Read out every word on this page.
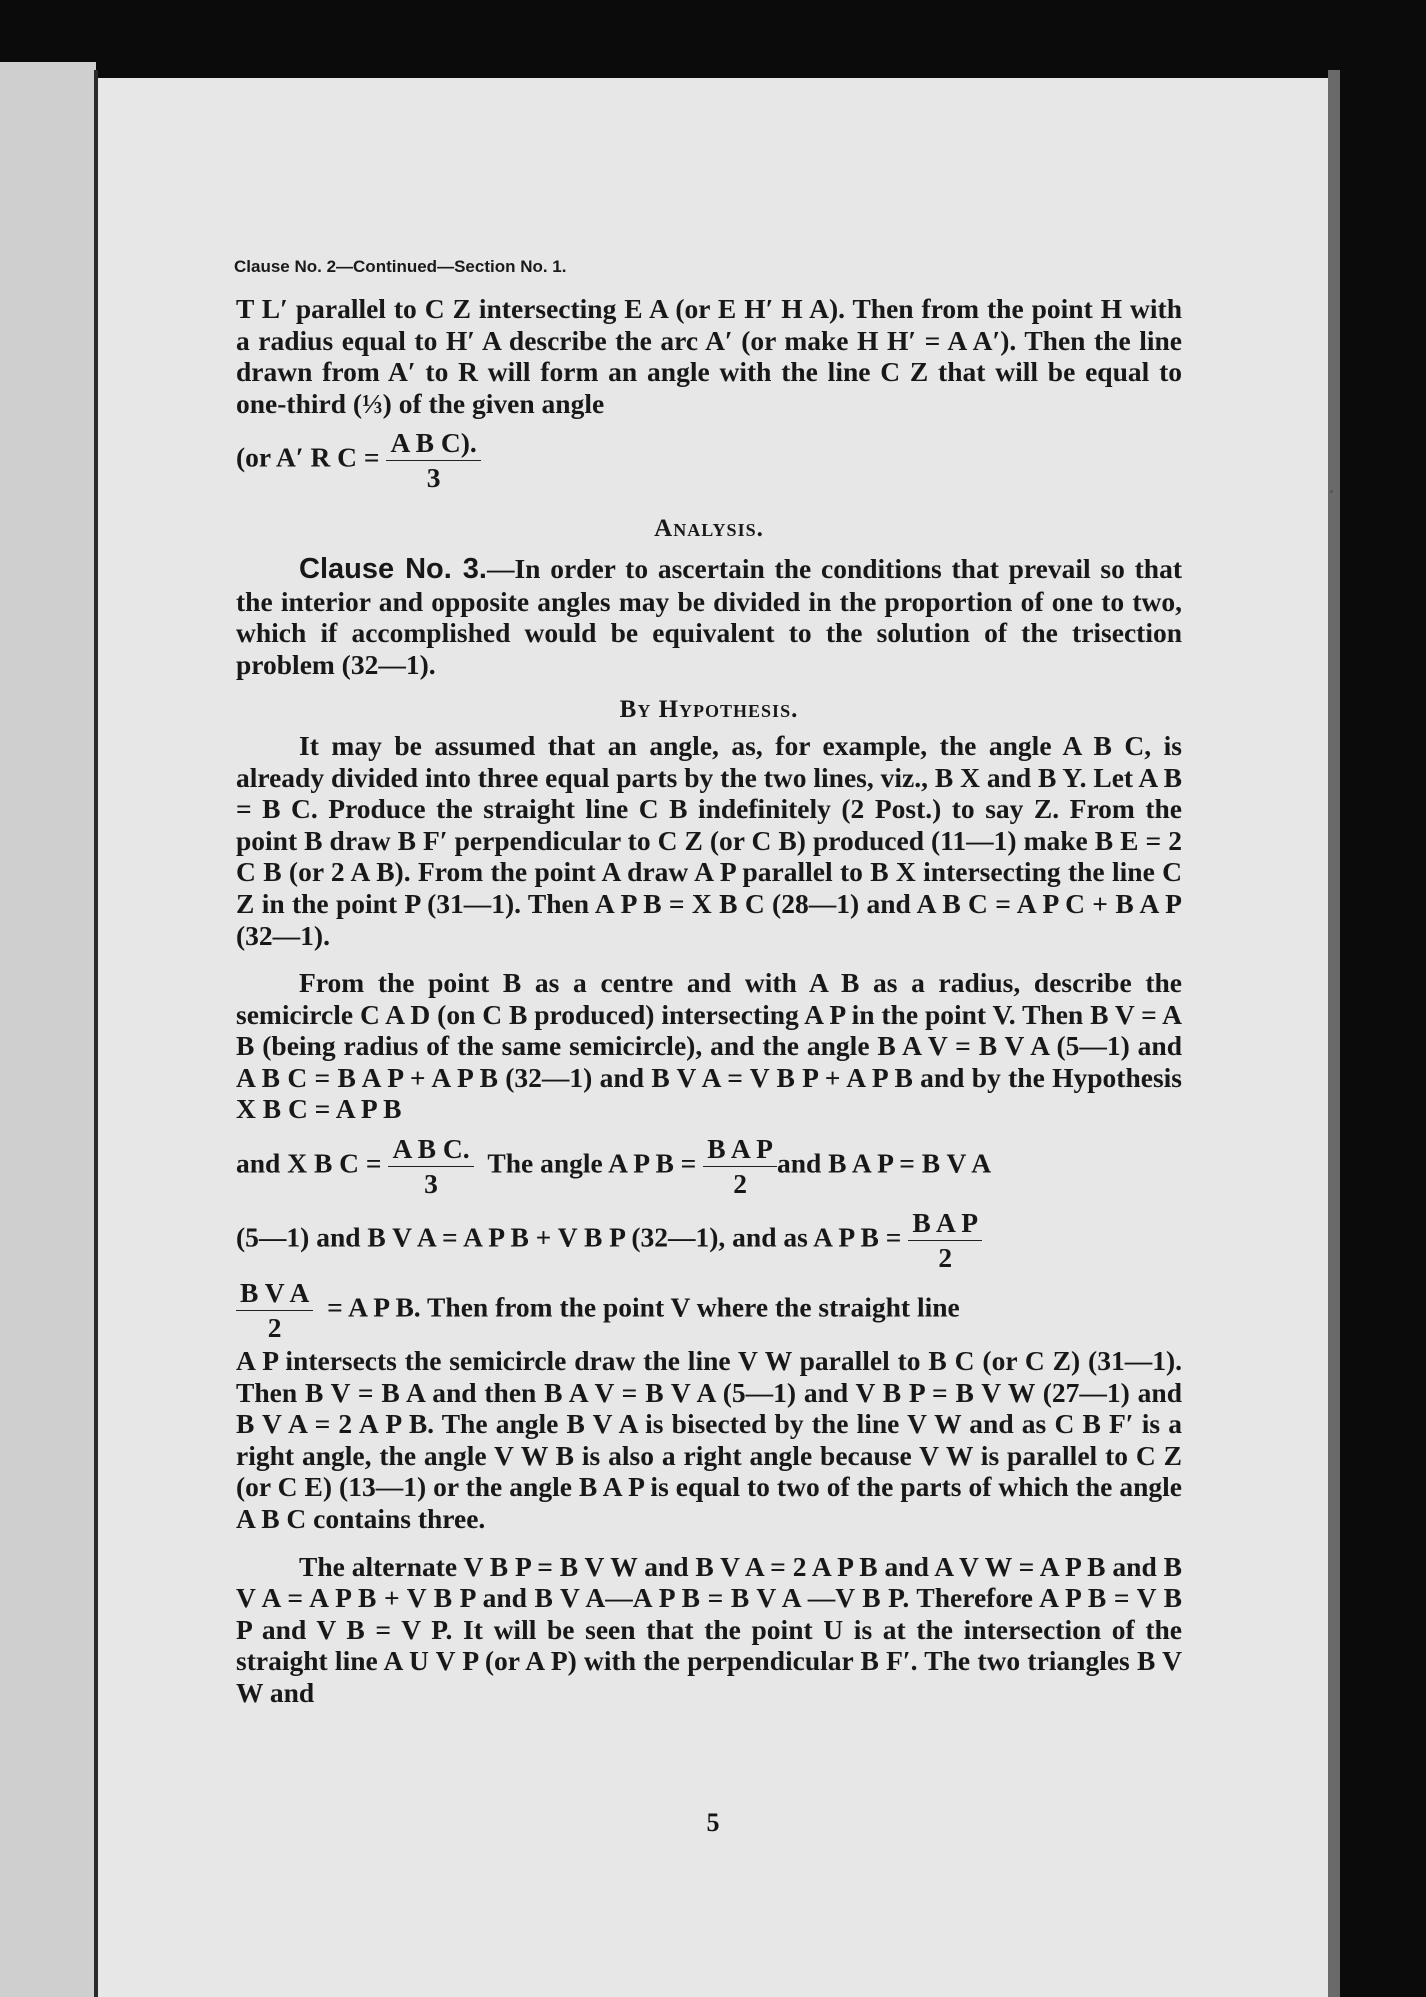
Clause No. 2—Continued—Section No. 1.

T L′ parallel to C Z intersecting E A (or E H′ H A). Then from the point H with a radius equal to H′ A describe the arc A′ (or make H H′ = A A′). Then the line drawn from A′ to R will form an angle with the line C Z that will be equal to one-third (⅓) of the given angle

(or A′ R $C = \frac{\text{A B C).}}{3}$

Analysis.

Clause No. 3.—In order to ascertain the conditions that prevail so that the interior and opposite angles may be divided in the proportion of one to two, which if accomplished would be equivalent to the solution of the trisection problem (32—1).

By Hypothesis.

It may be assumed that an angle, as, for example, the angle A B C, is already divided into three equal parts by the two lines, viz., B X and B Y. Let A B = B C. Produce the straight line C B indefinitely (2 Post.) to say Z. From the point B draw B F′ perpendicular to C Z (or C B) produced (11—1) make B E = 2 C B (or 2 A B). From the point A draw A P parallel to B X intersecting the line C Z in the point P (31—1). Then A P B = X B C (28—1) and A B C = A P C + B A P (32—1).

From the point B as a centre and with A B as a radius, describe the semicircle C A D (on C B produced) intersecting A P in the point V. Then B V = A B (being radius of the same semicircle), and the angle B A V = B V A (5—1) and A B C = B A P + A P B (32—1) and B V A = V B P + A P B and by the Hypothesis X B C = A P B

and X B $C = \frac{\text{A B C.}}{3}$ The angle A P $B = \frac{\text{B A P}}{2}$ and B A P = B V A

(5—1) and B V A = A P B + V B P (32—1), and as A P $B = \frac{\text{B A P}}{2}$

$\frac{\text{B V A}}{2} = A$ P B. Then from the point V where the straight line

A P intersects the semicircle draw the line V W parallel to B C (or C Z) (31—1). Then B V = B A and then B A V = B V A (5—1) and V B P = B V W (27—1) and B V A = 2 A P B. The angle B V A is bisected by the line V W and as C B F′ is a right angle, the angle V W B is also a right angle because V W is parallel to C Z (or C E) (13—1) or the angle B A P is equal to two of the parts of which the angle A B C contains three.

The alternate V B P = B V W and B V A = 2 A P B and A V W = A P B and B V A = A P B + V B P and B V A—A P B = B V A —V B P. Therefore A P B = V B P and V B = V P. It will be seen that the point U is at the intersection of the straight line A U V P (or A P) with the perpendicular B F′. The two triangles B V W and

5
